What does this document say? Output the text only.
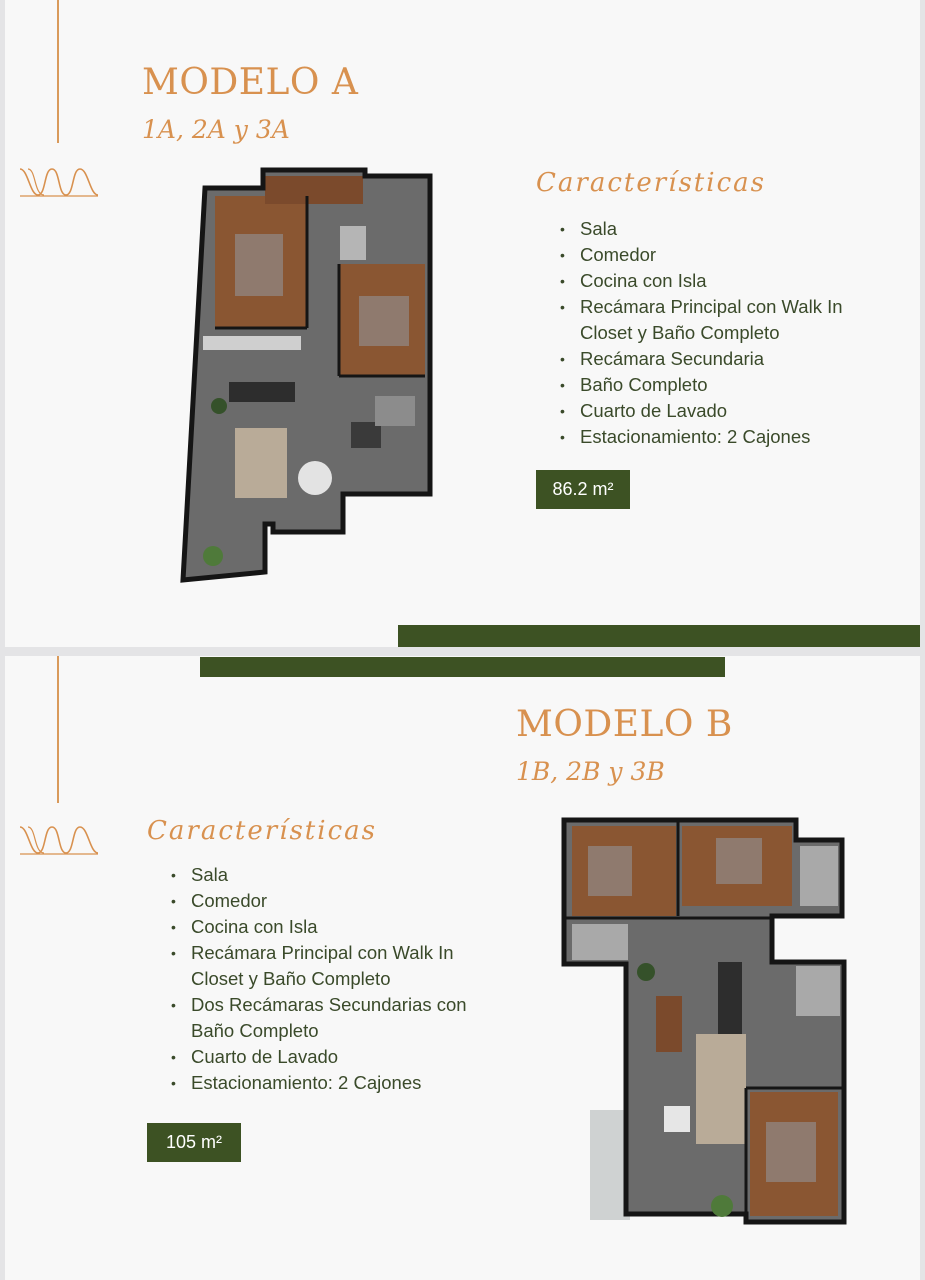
MODELO A
1A, 2A y 3A
Características
• Sala
• Comedor
• Cocina con Isla
• Recámara Principal con Walk In Closet y Baño Completo
• Recámara Secundaria
• Baño Completo
• Cuarto de Lavado
• Estacionamiento: 2 Cajones
86.2 m²
MODELO B
1B, 2B y 3B
Características
• Sala
• Comedor
• Cocina con Isla
• Recámara Principal con Walk In Closet y Baño Completo
• Dos Recámaras Secundarias con Baño Completo
• Cuarto de Lavado
• Estacionamiento: 2 Cajones
105 m²
